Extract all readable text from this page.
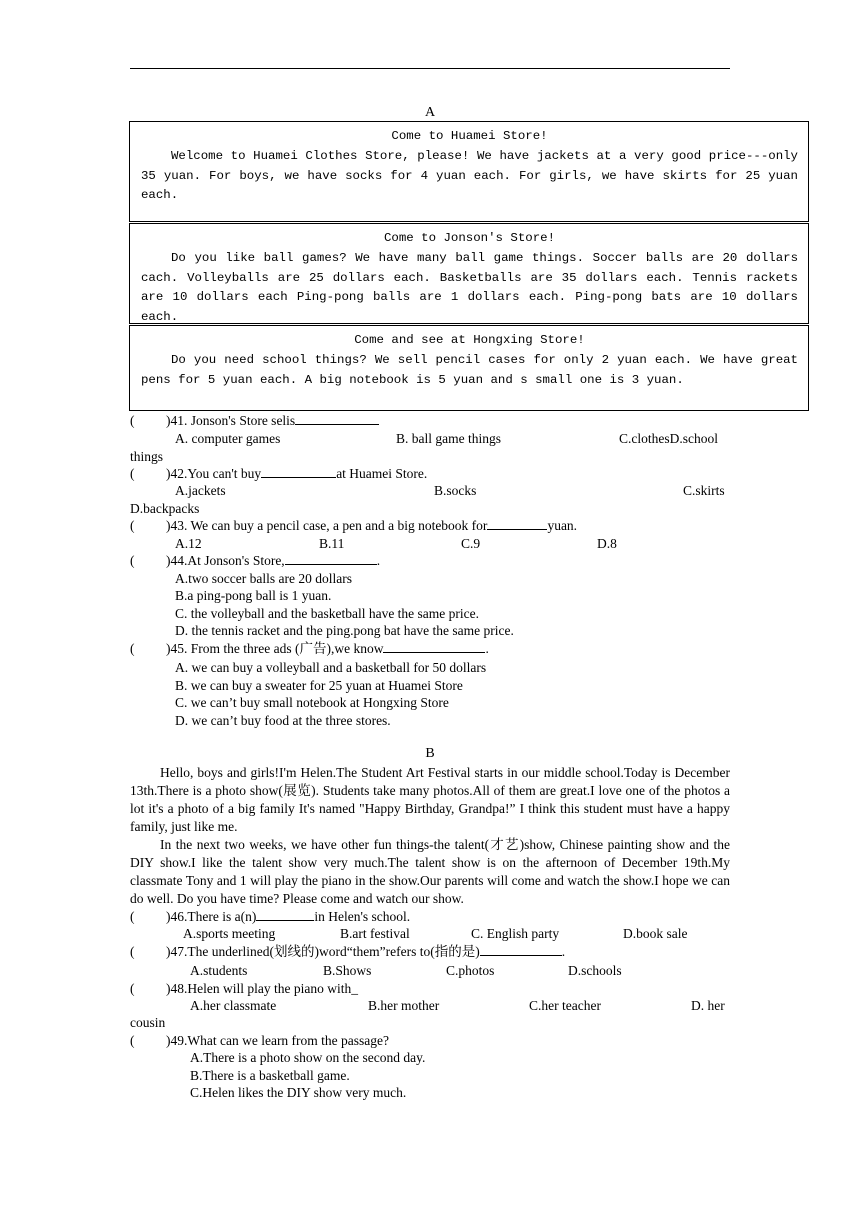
A
Come to Huamei Store!
Welcome to Huamei Clothes Store, please! We have jackets at a very good price---only 35 yuan. For boys, we have socks for 4 yuan each. For girls, we have skirts for 25 yuan each.
Come to Jonson's Store!
Do you like ball games? We have many ball game things. Soccer balls are 20 dollars cach. Volleyballs are 25 dollars each. Basketballs are 35 dollars each. Tennis rackets are 10 dollars each Ping-pong balls are 1 dollars each. Ping-pong bats are 10 dollars each.
Come and see at Hongxing Store!
Do you need school things? We sell pencil cases for only 2 yuan each. We have great pens for 5 yuan each. A big notebook is 5 yuan and s small one is 3 yuan.
( )41. Jonson's Store selis
A. computer games	B. ball game things	C.clothesD.school
things
( )42.You can't buy	at Huamei Store.
A.jackets	B.socks	C.skirts
D.backpacks
( )43. We can buy a pencil case, a pen and a big notebook for	yuan.
A.12	B.11	C.9	D.8
( )44.At Jonson's Store,	.
A.two soccer balls are 20 dollars
B.a ping-pong ball is 1 yuan.
C. the volleyball and the basketball have the same price.
D. the tennis racket and the ping.pong bat have the same price.
( )45. From the three ads (广告),we know	.
A. we can buy a volleyball and a basketball for 50 dollars
B. we can buy a sweater for 25 yuan at Huamei Store
C. we can’t buy small notebook at Hongxing Store
D. we can’t buy food at the three stores.
B
Hello, boys and girls!I'm Helen.The Student Art Festival starts in our middle school.Today is December 13th.There is a photo show(展览). Students take many photos.All of them are great.I love one of the photos a lot it's a photo of a big family It's named "Happy Birthday, Grandpa!” I think this student must have a happy family, just like me.
In the next two weeks, we have other fun things-the talent(才艺)show, Chinese painting show and the DIY show.I like the talent show very much.The talent show is on the afternoon of December 19th.My classmate Tony and 1 will play the piano in the show.Our parents will come and watch the show.I hope we can do well. Do you have time? Please come and watch our show.
( )46.There is a(n)	in Helen's school.
A.sports meeting	B.art festival	C. English party	D.book sale
( )47.The underlined(划线的)word“them”refers to(指的是)	.
A.students	B.Shows	C.photos	D.schools
( )48.Helen will play the piano with_
A.her classmate	B.her mother	C.her teacher	D. her
cousin
( )49.What can we learn from the passage?
A.There is a photo show on the second day.
B.There is a basketball game.
C.Helen likes the DIY show very much.
